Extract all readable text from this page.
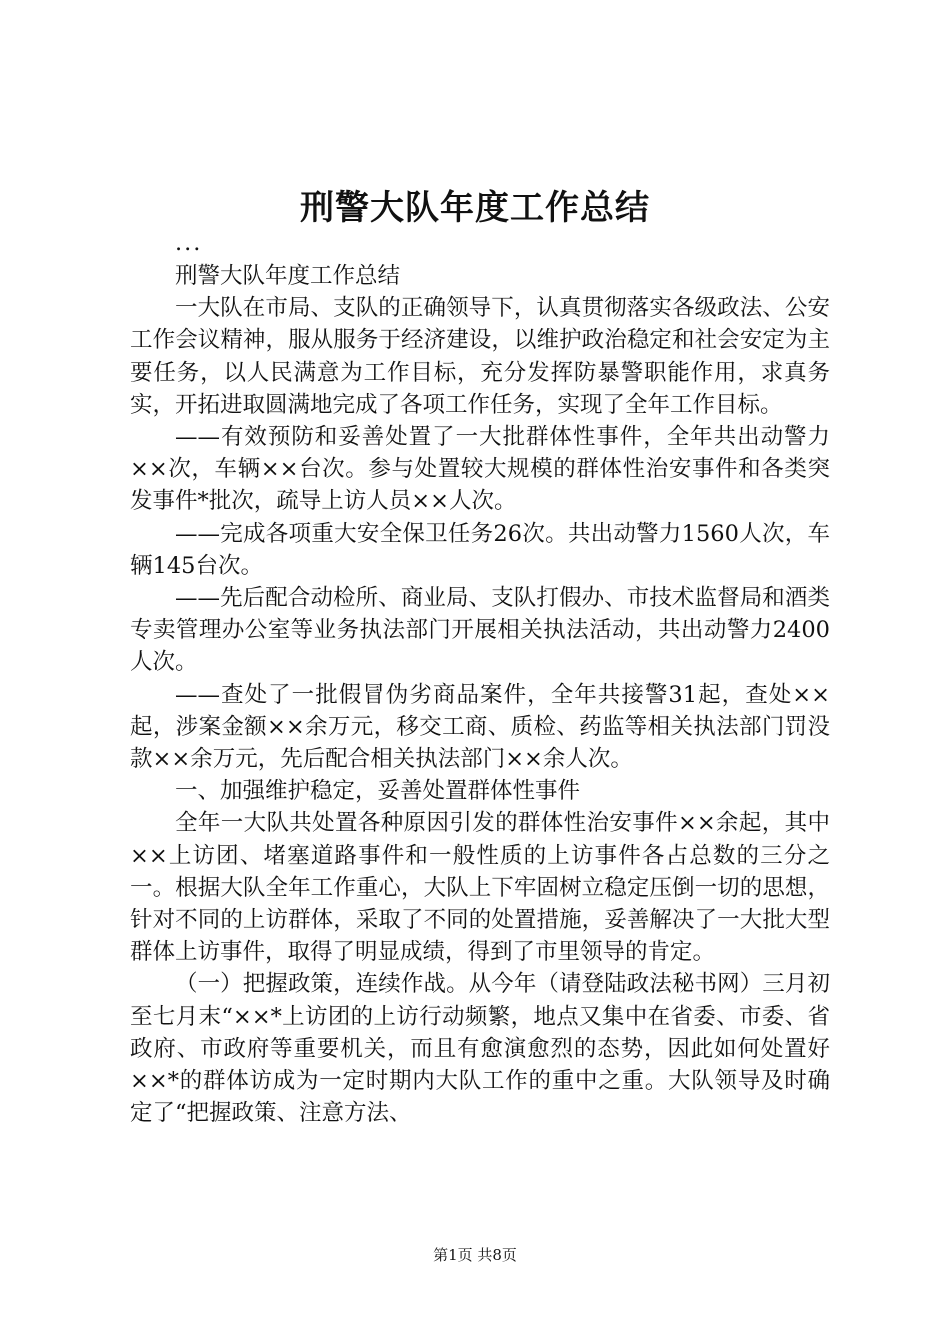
刑警大队年度工作总结

...

刑警大队年度工作总结

一大队在市局、支队的正确领导下，认真贯彻落实各级政法、公安工作会议精神，服从服务于经济建设，以维护政治稳定和社会安定为主要任务，以人民满意为工作目标，充分发挥防暴警职能作用，求真务实，开拓进取圆满地完成了各项工作任务，实现了全年工作目标。

——有效预防和妥善处置了一大批群体性事件，全年共出动警力××次，车辆××台次。参与处置较大规模的群体性治安事件和各类突发事件*批次，疏导上访人员××人次。

——完成各项重大安全保卫任务26次。共出动警力1560人次，车辆145台次。

——先后配合动检所、商业局、支队打假办、市技术监督局和酒类专卖管理办公室等业务执法部门开展相关执法活动，共出动警力2400人次。

——查处了一批假冒伪劣商品案件，全年共接警31起，查处××起，涉案金额××余万元，移交工商、质检、药监等相关执法部门罚没款××余万元，先后配合相关执法部门××余人次。

一、加强维护稳定，妥善处置群体性事件

全年一大队共处置各种原因引发的群体性治安事件××余起，其中××上访团、堵塞道路事件和一般性质的上访事件各占总数的三分之一。根据大队全年工作重心，大队上下牢固树立稳定压倒一切的思想，针对不同的上访群体，采取了不同的处置措施，妥善解决了一大批大型群体上访事件，取得了明显成绩，得到了市里领导的肯定。

（一）把握政策，连续作战。从今年（请登陆政法秘书网）三月初至七月末“××*上访团的上访行动频繁，地点又集中在省委、市委、省政府、市政府等重要机关，而且有愈演愈烈的态势，因此如何处置好××*的群体访成为一定时期内大队工作的重中之重。大队领导及时确定了“把握政策、注意方法、

第1页 共8页
